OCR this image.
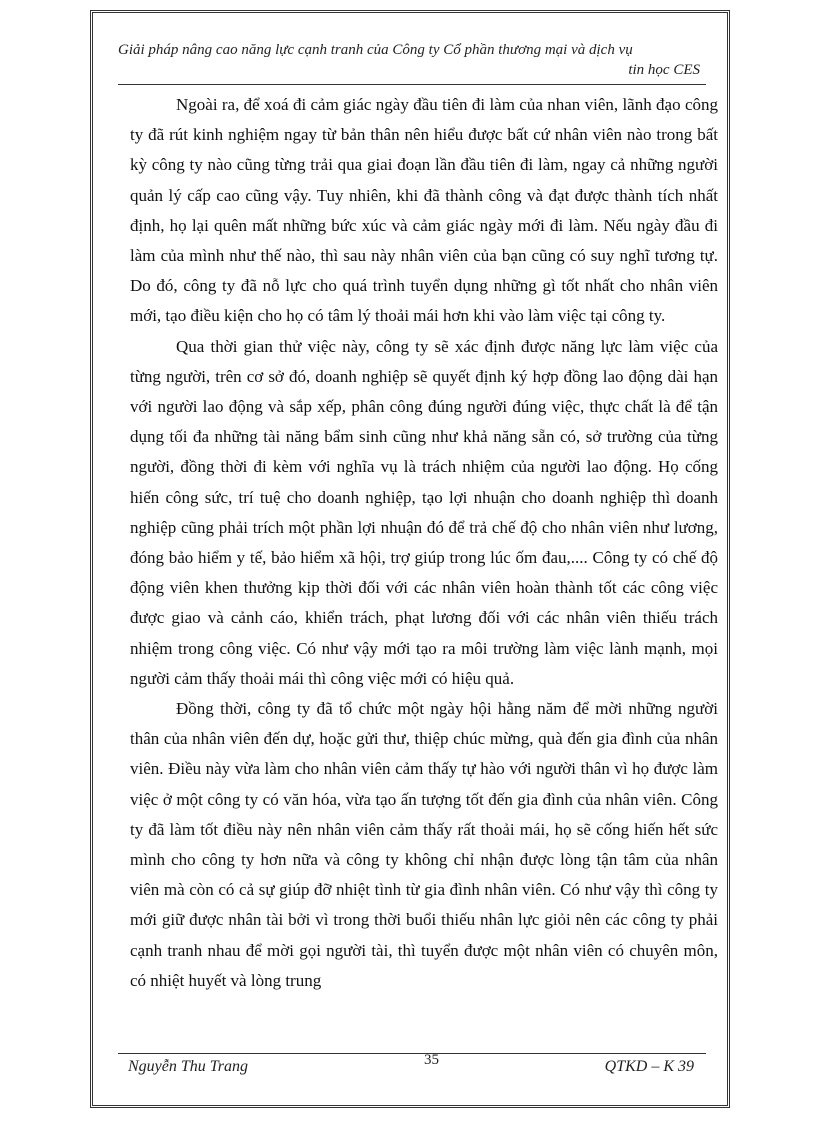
Giải pháp nâng cao năng lực cạnh tranh của Công ty Cổ phần thương mại và dịch vụ
tin học CES

Ngoài ra, để xoá đi cảm giác ngày đầu tiên đi làm của nhan viên, lãnh đạo công ty đã rút kinh nghiệm ngay từ bản thân nên hiểu được bất cứ nhân viên nào trong bất kỳ công ty nào cũng từng trải qua giai đoạn lần đầu tiên đi làm, ngay cả những người quản lý cấp cao cũng vậy. Tuy nhiên, khi đã thành công và đạt được thành tích nhất định, họ lại quên mất những bức xúc và cảm giác ngày mới đi làm. Nếu ngày đầu đi làm của mình như thế nào, thì sau này nhân viên của bạn cũng có suy nghĩ tương tự. Do đó, công ty đã nỗ lực cho quá trình tuyển dụng những gì tốt nhất cho nhân viên mới, tạo điều kiện cho họ có tâm lý thoải mái hơn khi vào làm việc tại công ty.

Qua thời gian thử việc này, công ty sẽ xác định được năng lực làm việc của từng người, trên cơ sở đó, doanh nghiệp sẽ quyết định ký hợp đồng lao động dài hạn với người lao động và sắp xếp, phân công đúng người đúng việc, thực chất là để tận dụng tối đa những tài năng bẩm sinh cũng như khả năng sẵn có, sở trường của từng người, đồng thời đi kèm với nghĩa vụ là trách nhiệm của người lao động. Họ cống hiến công sức, trí tuệ cho doanh nghiệp, tạo lợi nhuận cho doanh nghiệp thì doanh nghiệp cũng phải trích một phần lợi nhuận đó để trả chế độ cho nhân viên như lương, đóng bảo hiểm y tế, bảo hiểm xã hội, trợ giúp trong lúc ốm đau,.... Công ty có chế độ động viên khen thưởng kịp thời đối với các nhân viên hoàn thành tốt các công việc được giao và cảnh cáo, khiển trách, phạt lương đối với các nhân viên thiếu trách nhiệm trong công việc. Có như vậy mới tạo ra môi trường làm việc lành mạnh, mọi người cảm thấy thoải mái thì công việc mới có hiệu quả.

Đồng thời, công ty đã tổ chức một ngày hội hằng năm để mời những người thân của nhân viên đến dự, hoặc gửi thư, thiệp chúc mừng, quà đến gia đình của nhân viên. Điều này vừa làm cho nhân viên cảm thấy tự hào với người thân vì họ được làm việc ở một công ty có văn hóa, vừa tạo ấn tượng tốt đến gia đình của nhân viên. Công ty đã làm tốt điều này nên nhân viên cảm thấy rất thoải mái, họ sẽ cống hiến hết sức mình cho công ty hơn nữa và công ty không chỉ nhận được lòng tận tâm của nhân viên mà còn có cả sự giúp đỡ nhiệt tình từ gia đình nhân viên. Có như vậy thì công ty mới giữ được nhân tài bởi vì trong thời buổi thiếu nhân lực giỏi nên các công ty phải cạnh tranh nhau để mời gọi người tài, thì tuyển được một nhân viên có chuyên môn, có nhiệt huyết và lòng trung

Nguyễn Thu Trang	35	QTKD – K 39
